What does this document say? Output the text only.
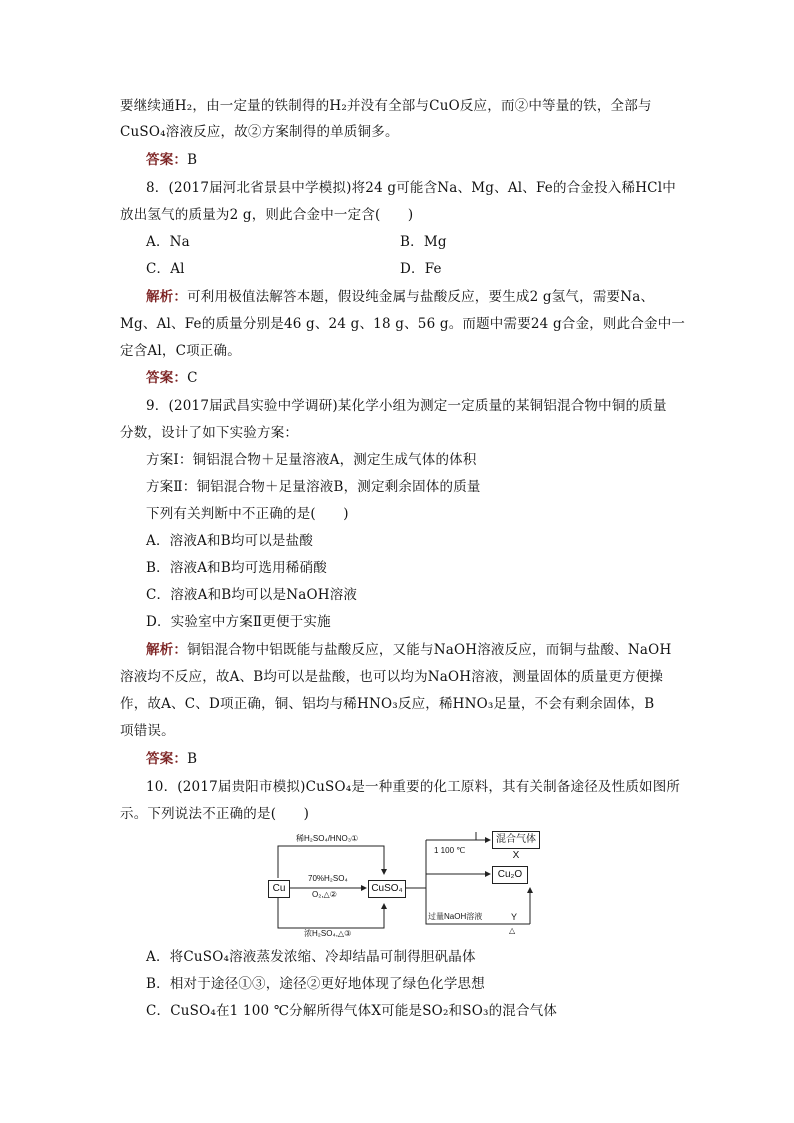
要继续通H₂，由一定量的铁制得的H₂并没有全部与CuO反应，而②中等量的铁，全部与
CuSO₄溶液反应，故②方案制得的单质铜多。
答案：B
8．(2017届河北省景县中学模拟)将24 g可能含Na、Mg、Al、Fe的合金投入稀HCl中
放出氢气的质量为2 g，则此合金中一定含(　　)
A．Na	B．Mg
C．Al	D．Fe
解析：可利用极值法解答本题，假设纯金属与盐酸反应，要生成2 g氢气，需要Na、
Mg、Al、Fe的质量分别是46 g、24 g、18 g、56 g。而题中需要24 g合金，则此合金中一
定含Al，C项正确。
答案：C
9．(2017届武昌实验中学调研)某化学小组为测定一定质量的某铜铝混合物中铜的质量
分数，设计了如下实验方案：
方案Ⅰ：铜铝混合物＋足量溶液A，测定生成气体的体积
方案Ⅱ：铜铝混合物＋足量溶液B，测定剩余固体的质量
下列有关判断中不正确的是(　　)
A．溶液A和B均可以是盐酸
B．溶液A和B均可选用稀硝酸
C．溶液A和B均可以是NaOH溶液
D．实验室中方案Ⅱ更便于实施
解析：铜铝混合物中铝既能与盐酸反应，又能与NaOH溶液反应，而铜与盐酸、NaOH
溶液均不反应，故A、B均可以是盐酸，也可以均为NaOH溶液，测量固体的质量更方便操
作，故A、C、D项正确，铜、铝均与稀HNO₃反应，稀HNO₃足量，不会有剩余固体，B
项错误。
答案：B
10．(2017届贵阳市模拟)CuSO₄是一种重要的化工原料，其有关制备途径及性质如图所
示。下列说法不正确的是(　　)
Cu	CuSO₄
混合气体X
Cu₂O
稀H₂SO₄/HNO₃①
70%H₂SO₄
O₂,△②
浓H₂SO₄,△③
1 100 ℃
过量NaOH溶液	Y
△
A．将CuSO₄溶液蒸发浓缩、冷却结晶可制得胆矾晶体
B．相对于途径①③，途径②更好地体现了绿色化学思想
C．CuSO₄在1 100 ℃分解所得气体X可能是SO₂和SO₃的混合气体
